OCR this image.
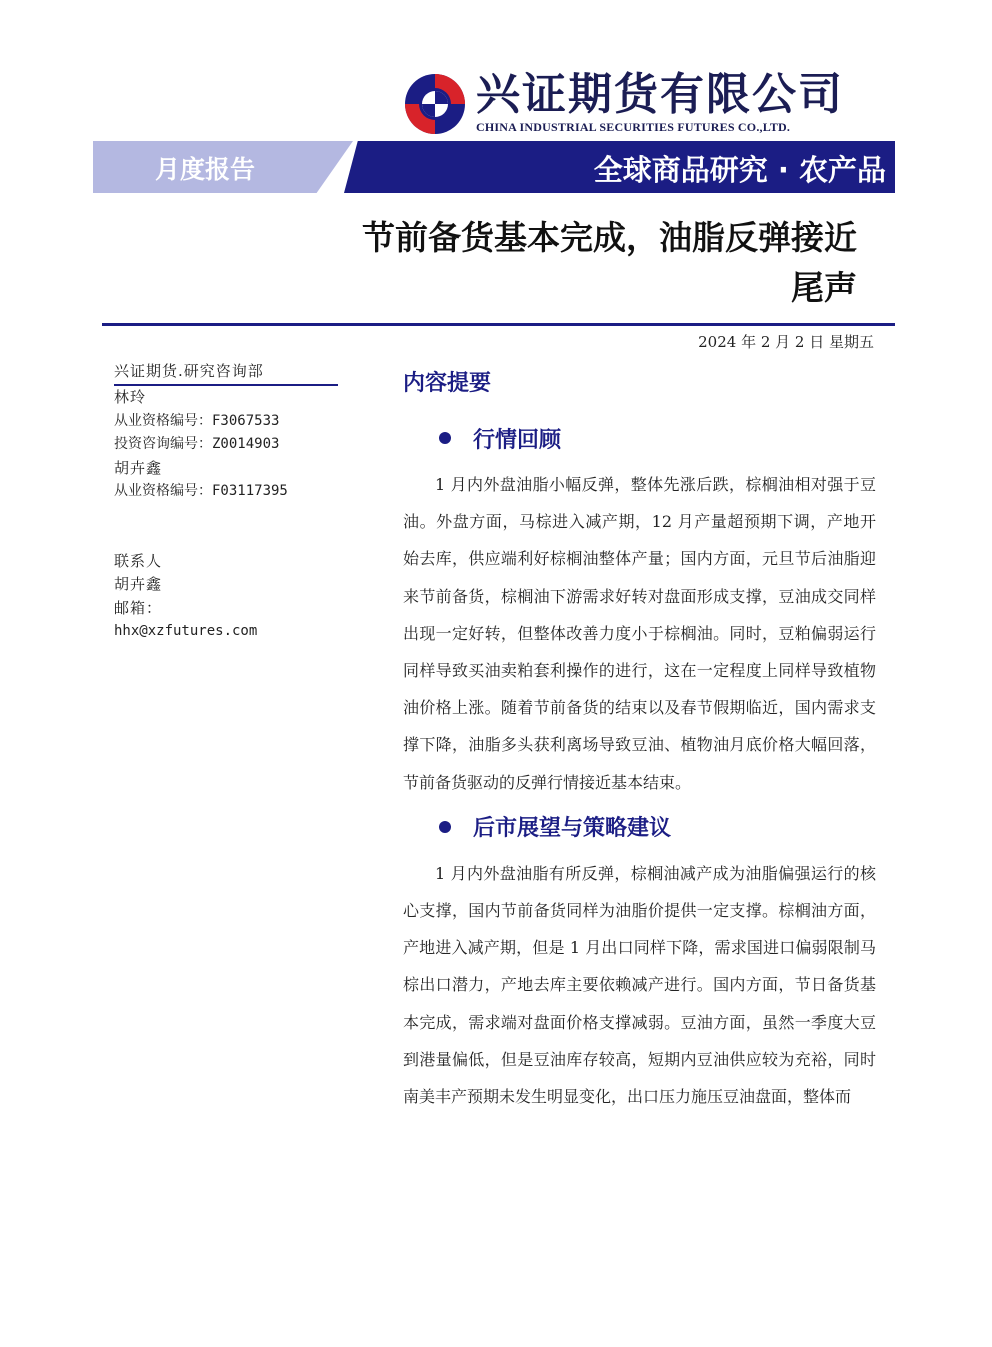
兴证期货有限公司
CHINA INDUSTRIAL SECURITIES FUTURES CO.,LTD.
月度报告	全球商品研究 · 农产品
节前备货基本完成，油脂反弹接近
尾声
2024 年 2 月 2 日 星期五
兴证期货.研究咨询部
林玲
从业资格编号：F3067533
投资咨询编号：Z0014903
胡卉鑫
从业资格编号：F03117395
联系人
胡卉鑫
邮箱：
hhx@xzfutures.com
内容提要
行情回顾

1 月内外盘油脂小幅反弹，整体先涨后跌，棕榈油相对强于豆油。外盘方面，马棕进入减产期，12 月产量超预期下调，产地开始去库，供应端利好棕榈油整体产量；国内方面，元旦节后油脂迎来节前备货，棕榈油下游需求好转对盘面形成支撑，豆油成交同样出现一定好转，但整体改善力度小于棕榈油。同时，豆粕偏弱运行同样导致买油卖粕套利操作的进行，这在一定程度上同样导致植物油价格上涨。随着节前备货的结束以及春节假期临近，国内需求支撑下降，油脂多头获利离场导致豆油、植物油月底价格大幅回落，节前备货驱动的反弹行情接近基本结束。

后市展望与策略建议

1 月内外盘油脂有所反弹，棕榈油减产成为油脂偏强运行的核心支撑，国内节前备货同样为油脂价提供一定支撑。棕榈油方面，产地进入减产期，但是 1 月出口同样下降，需求国进口偏弱限制马棕出口潜力，产地去库主要依赖减产进行。国内方面，节日备货基本完成，需求端对盘面价格支撑减弱。豆油方面，虽然一季度大豆到港量偏低，但是豆油库存较高，短期内豆油供应较为充裕，同时南美丰产预期未发生明显变化，出口压力施压豆油盘面，整体而
